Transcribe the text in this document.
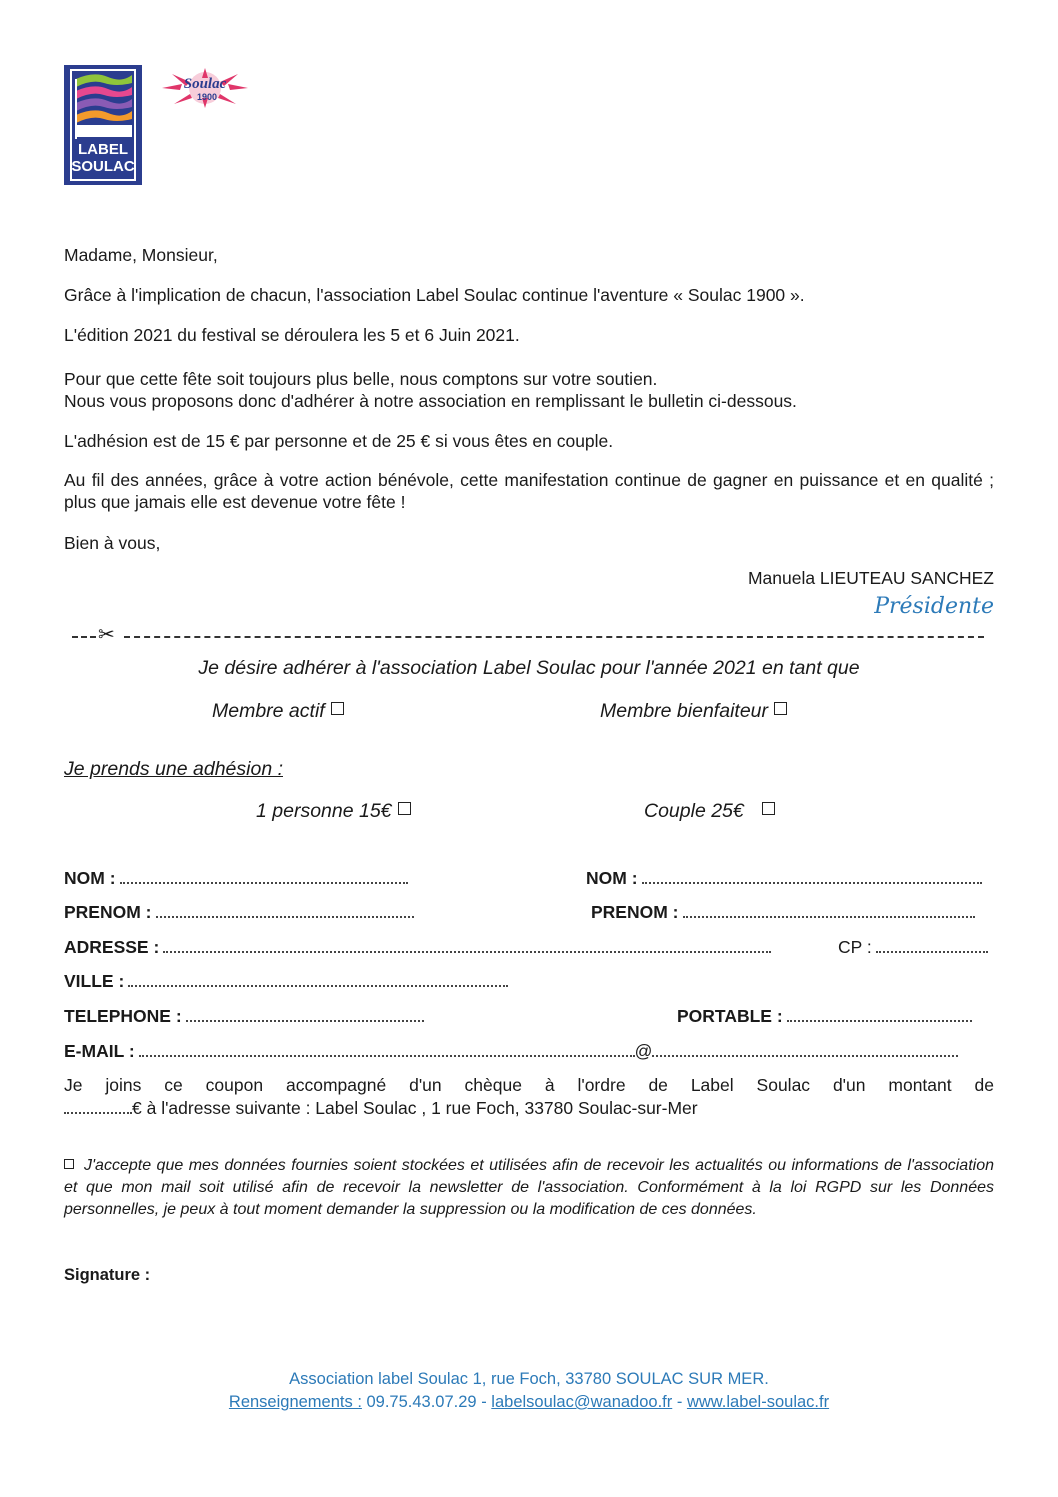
LABEL
SOULAC
Soulac
1900

Madame, Monsieur,

Grâce à l'implication de chacun, l'association Label Soulac continue l'aventure « Soulac 1900 ».

L'édition 2021 du festival se déroulera les 5 et 6 Juin 2021.

Pour que cette fête soit toujours plus belle, nous comptons sur votre soutien.

Nous vous proposons donc d'adhérer à notre association en remplissant le bulletin ci-dessous.

L'adhésion est de 15 € par personne et de 25 € si vous êtes en couple.

Au fil des années, grâce à votre action bénévole, cette manifestation continue de gagner en puissance et en qualité ; plus que jamais elle est devenue votre fête !

Bien à vous,

Manuela LIEUTEAU SANCHEZ
Présidente
✂
Je désire adhérer à l'association Label Soulac pour l'année 2021 en tant que
Membre actif	Membre bienfaiteur
Je prends une adhésion :
1 personne 15€	Couple 25€
NOM :	NOM :
PRENOM :	PRENOM :
ADRESSE :	CP :
VILLE :
TELEPHONE :	PORTABLE :
E-MAIL :	@

Je joins ce coupon accompagné d'un chèque à l'ordre de Label Soulac d'un montant de

€ à l'adresse suivante : Label Soulac , 1 rue Foch, 33780 Soulac-sur-Mer
J'accepte que mes données fournies soient stockées et utilisées afin de recevoir les actualités ou informations de l'association et que mon mail soit utilisé afin de recevoir la newsletter de l'association. Conformément à la loi RGPD sur les Données personnelles, je peux à tout moment demander la suppression ou la modification de ces données.
Signature :
Association label Soulac 1, rue Foch, 33780 SOULAC SUR MER.
Renseignements : 09.75.43.07.29 - labelsoulac@wanadoo.fr - www.label-soulac.fr
